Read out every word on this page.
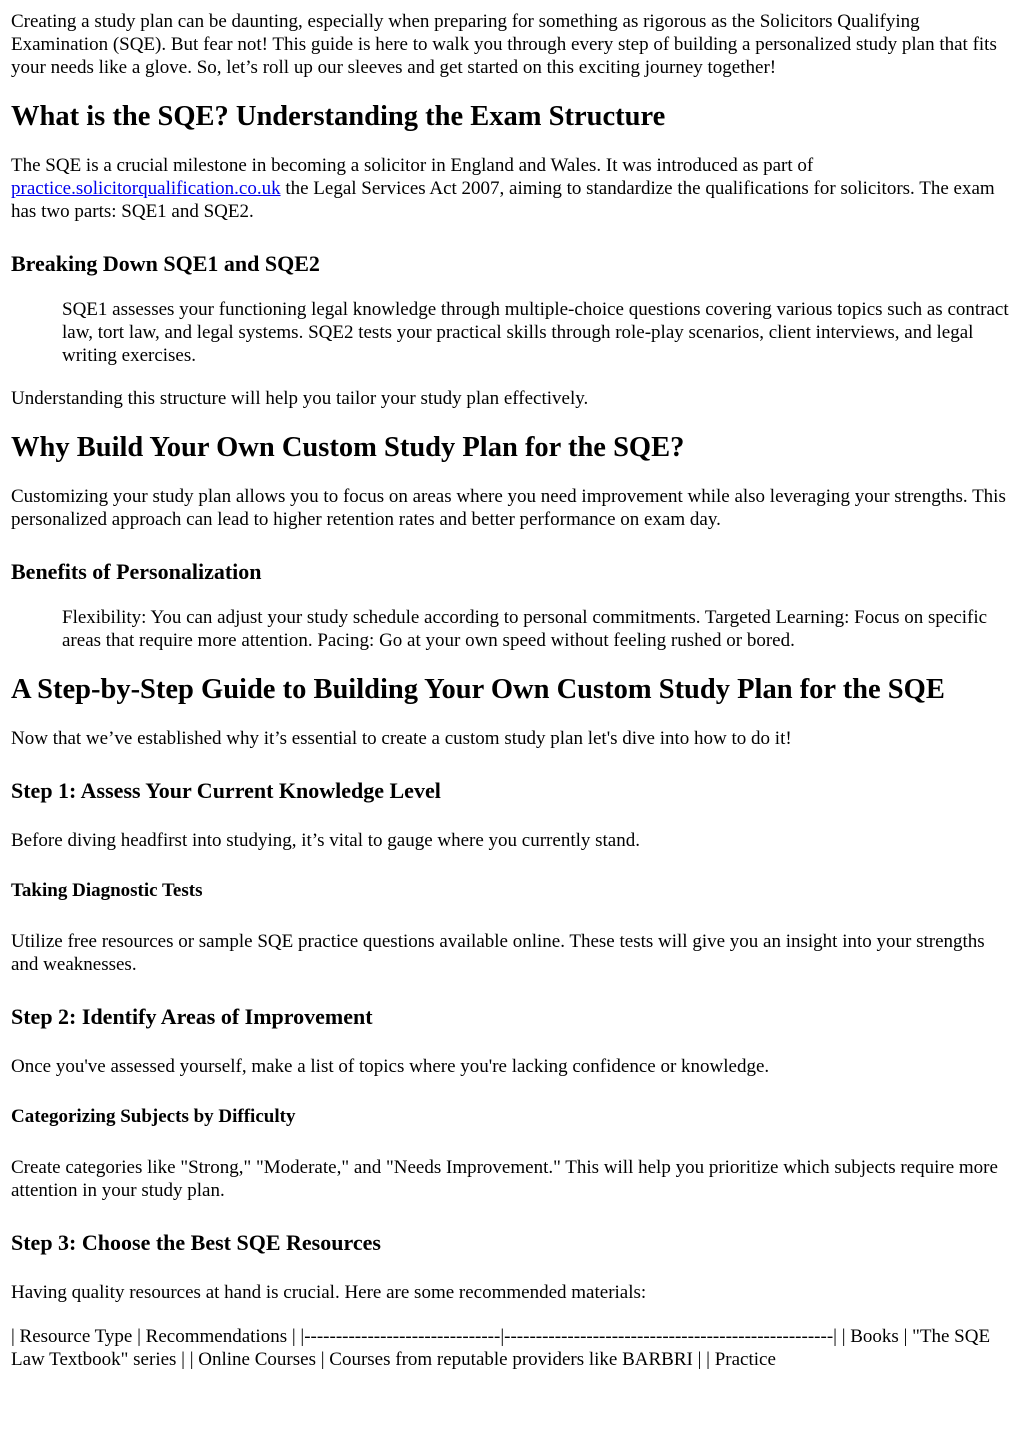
Creating a study plan can be daunting, especially when preparing for something as rigorous as the Solicitors Qualifying Examination (SQE). But fear not! This guide is here to walk you through every step of building a personalized study plan that fits your needs like a glove. So, let’s roll up our sleeves and get started on this exciting journey together!

What is the SQE? Understanding the Exam Structure

The SQE is a crucial milestone in becoming a solicitor in England and Wales. It was introduced as part of practice.solicitorqualification.co.uk the Legal Services Act 2007, aiming to standardize the qualifications for solicitors. The exam has two parts: SQE1 and SQE2.

Breaking Down SQE1 and SQE2
SQE1 assesses your functioning legal knowledge through multiple-choice questions covering various topics such as contract law, tort law, and legal systems. SQE2 tests your practical skills through role-play scenarios, client interviews, and legal writing exercises.

Understanding this structure will help you tailor your study plan effectively.

Why Build Your Own Custom Study Plan for the SQE?

Customizing your study plan allows you to focus on areas where you need improvement while also leveraging your strengths. This personalized approach can lead to higher retention rates and better performance on exam day.

Benefits of Personalization
Flexibility: You can adjust your study schedule according to personal commitments. Targeted Learning: Focus on specific areas that require more attention. Pacing: Go at your own speed without feeling rushed or bored.
A Step-by-Step Guide to Building Your Own Custom Study Plan for the SQE

Now that we’ve established why it’s essential to create a custom study plan let's dive into how to do it!

Step 1: Assess Your Current Knowledge Level

Before diving headfirst into studying, it’s vital to gauge where you currently stand.

Taking Diagnostic Tests

Utilize free resources or sample SQE practice questions available online. These tests will give you an insight into your strengths and weaknesses.

Step 2: Identify Areas of Improvement

Once you've assessed yourself, make a list of topics where you're lacking confidence or knowledge.

Categorizing Subjects by Difficulty

Create categories like "Strong," "Moderate," and "Needs Improvement." This will help you prioritize which subjects require more attention in your study plan.

Step 3: Choose the Best SQE Resources

Having quality resources at hand is crucial. Here are some recommended materials:

| Resource Type | Recommendations | |-------------------------------|----------------------------------------------------| | Books | "The SQE Law Textbook" series | | Online Courses | Courses from reputable providers like BARBRI | | Practice
